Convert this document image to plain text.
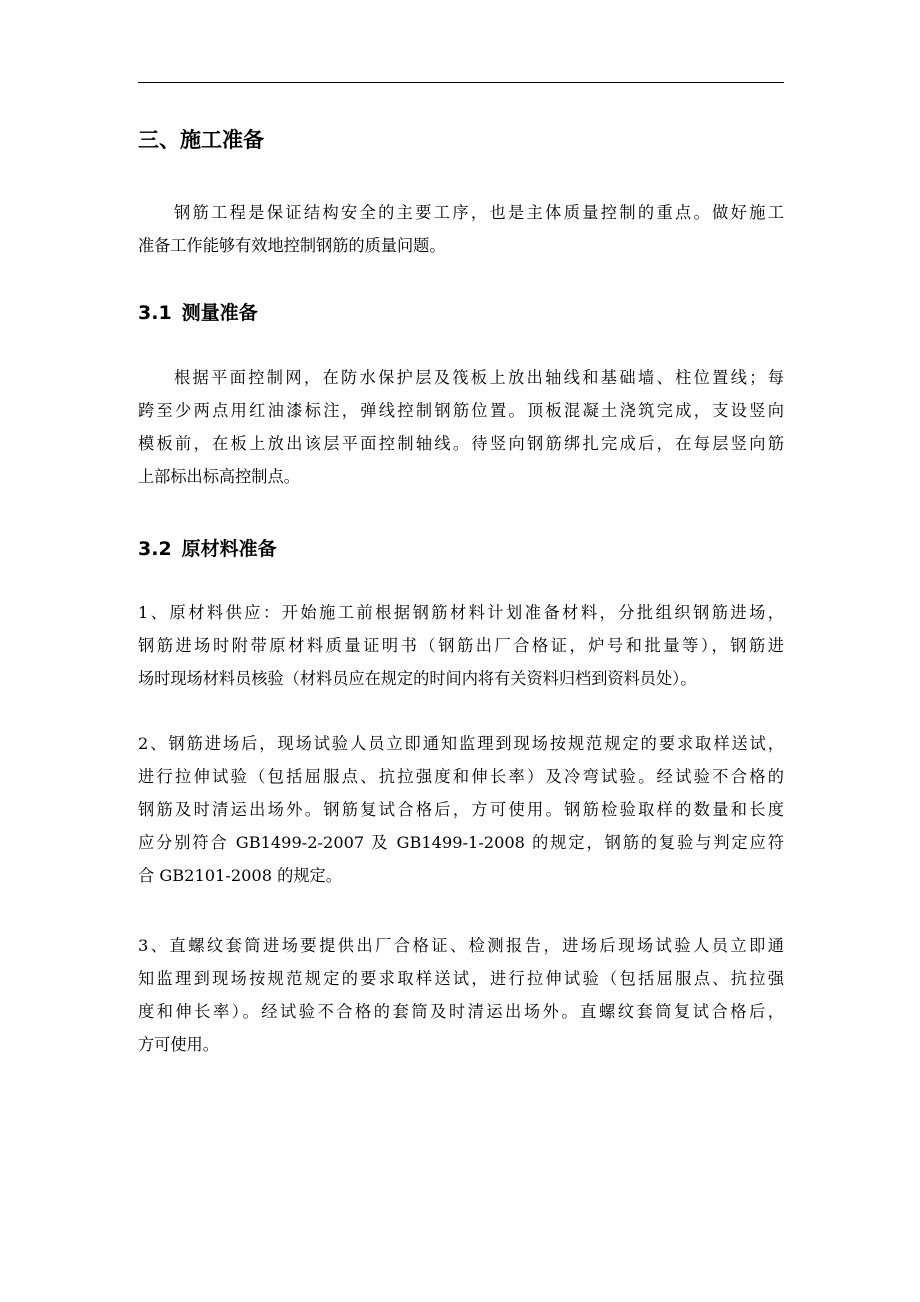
三、施工准备
钢筋工程是保证结构安全的主要工序，也是主体质量控制的重点。做好施工
准备工作能够有效地控制钢筋的质量问题。
3.1 测量准备
根据平面控制网，在防水保护层及筏板上放出轴线和基础墙、柱位置线；每
跨至少两点用红油漆标注，弹线控制钢筋位置。顶板混凝土浇筑完成，支设竖向
模板前，在板上放出该层平面控制轴线。待竖向钢筋绑扎完成后，在每层竖向筋
上部标出标高控制点。
3.2 原材料准备
1、原材料供应：开始施工前根据钢筋材料计划准备材料，分批组织钢筋进场，
钢筋进场时附带原材料质量证明书（钢筋出厂合格证，炉号和批量等），钢筋进
场时现场材料员核验（材料员应在规定的时间内将有关资料归档到资料员处）。
2、钢筋进场后，现场试验人员立即通知监理到现场按规范规定的要求取样送试，
进行拉伸试验（包括屈服点、抗拉强度和伸长率）及冷弯试验。经试验不合格的
钢筋及时清运出场外。钢筋复试合格后，方可使用。钢筋检验取样的数量和长度
应分别符合 GB1499-2-2007 及 GB1499-1-2008 的规定，钢筋的复验与判定应符
合 GB2101-2008 的规定。
3、直螺纹套筒进场要提供出厂合格证、检测报告，进场后现场试验人员立即通
知监理到现场按规范规定的要求取样送试，进行拉伸试验（包括屈服点、抗拉强
度和伸长率）。经试验不合格的套筒及时清运出场外。直螺纹套筒复试合格后，
方可使用。
